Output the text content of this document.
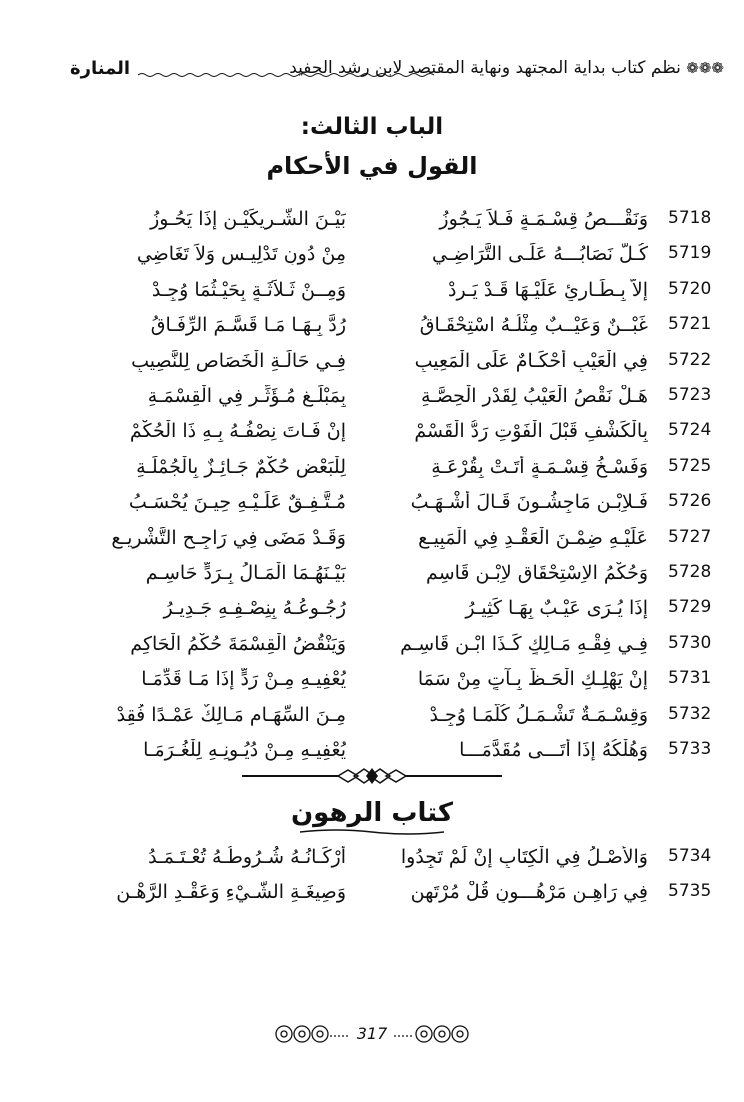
المنارة	❁❁❁ نظم كتاب بداية المجتهد ونهاية المقتصد لابن رشد الحفيد
الباب الثالث:
القول في الأحكام
5718
وَنَقْـــصُ قِسْـمَـةٍ فَـلاَ يَـجُوزُ
بَيْـنَ الشَّـرِيكَيْـنِ إِذَا يَحُـوزُ
5719
كُـلٌّ نَصَابُـــهُ عَلَـى التَّرَاضِـي
مِنْ دُونِ تَدْلِيـسٍ وَلاَ تَغَاضِي
5720
إِلاَّ بِـطَـارِئٍ عَلَيْـهَا قَـدْ يَـرِدْ
وَمِــنْ ثَـلاَثَـةٍ بِحَيْـثُمَا وُجِـدْ
5721
غَبْــنٌ وَعَيْــبٌ مِثْلُـهُ اسْتِحْقَـاقُ
رُدَّ بِـهَـا مَـا قَسَّـمَ الرِّفَـاقُ
5722
فِي الْعَيْبِ أَحْكَـامٌ عَلَى الْمَعِيبِ
فِـي حَالَـةِ الْخَصَاصِ لِلنَّصِيبِ
5723
هَـلْ نَقْصُ الْعَيْبُ لِقَدْرِ الْحِصَّـةِ
بِمَبْلَـغٍ مُـؤَثِّـرٍ فِي الْقِسْمَـةِ
5724
بِالْكَشْفِ قَبْلَ الْفَوْتِ رَدُّ الْقَسْمْ
إِنْ فَـاتَ نِصْفُـهُ بِـهِ ذَا الْحُكْمْ
5725
وَفَسْـخُ قِسْـمَـةٍ أَتَـتْ بِقُرْعَـةِ
لِلْبَعْضِ حُكْمٌ جَـائِـزٌ بِالْجُمْلَـةِ
5726
فَـلاِبْـنِ مَاجِشُـونَ قَـالَ أَشْـهَـبُ
مُـتَّـفِـقٌ عَلَـيْـهِ حِيـنَ يُحْسَـبُ
5727
عَلَيْـهِ ضِمْـنَ الْعَقْـدِ فِي الْمَبِيـعِ
وَقَـدْ مَضَى فِي رَاجِـحِ التَّشْرِيـعِ
5728
وَحُكْمُ الاِسْتِحْقَاقِ لاِبْـنِ قَاسِم
بَيْـنَهُـمَا الْمَـالُ بِـرَدٍّ حَاسِـمِ
5729
إِذَا يُـرَى عَيْـبٌ بِهَـا كَثِيـرُ
رُجُـوعُـهُ بِنِصْـفِـهِ جَـدِيـرُ
5730
فِـي فِقْـهِ مَـالِكٍ كَـذَا ابْـنِ قَاسِـمِ
وَيَنْقُضُ الْقِسْمَةَ حُكْمُ الْحَاكِمِ
5731
إِنْ يَهْلِـكِ الْحَـظُّ بِـآتٍ مِنْ سَمَا
يُعْفِيـهِ مِـنْ رَدٍّ إِذَا مَـا قَدِّمَـا
5732
وَقِسْـمَـةٌ تَشْـمَـلُ كُلَّمَـا وُجِـدْ
مِـنَ السِّهَـامِ مَـالِكٌ عَمْـدًا فُقِدْ
5733
وَهُلْكُهُ إِذَا أَتَـــى مُقَدَّمَـــا
يُعْفِيـهِ مِـنْ دُيُـونِـهِ لِلْغُـرَمَـا
كتاب الرهون
5734
وَالأَصْـلُ فِي الْكِتَابِ إِنْ لَمْ تَجِدُوا
أَرْكَـانُـهُ شُـرُوطُـهُ تُعْـتَـمَـدُ
5735
فِي رَاهِـنٍ مَرْهُـــونٍ قُلْ مُرْتَهِنِ
وَصِيغَـةِ الشَّـيْءِ وَعَقْـدِ الرَّهْـنِ
317
